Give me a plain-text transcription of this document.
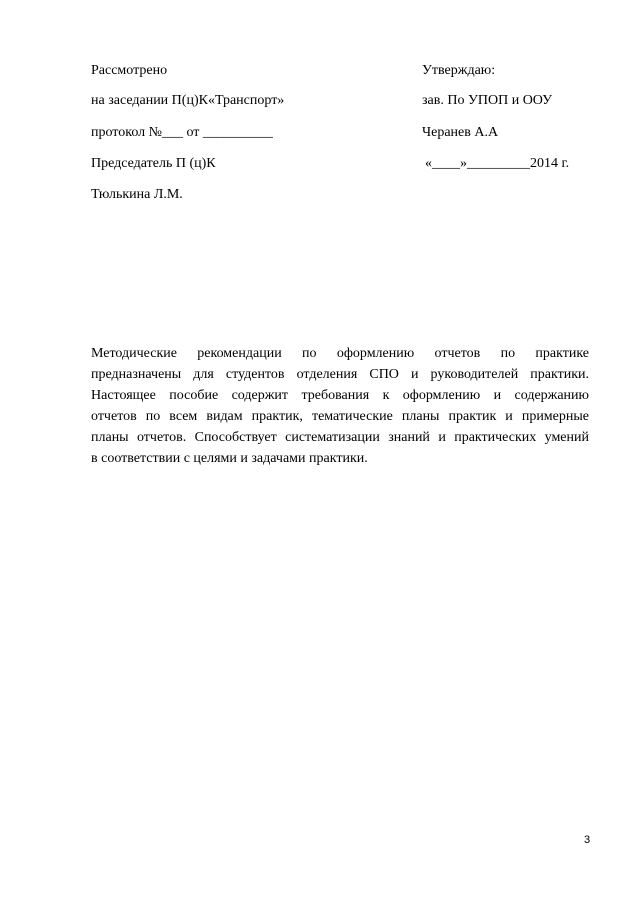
Рассмотрено	Утверждаю:
на заседании П(ц)К«Транспорт»	зав. По УПОП и ООУ
протокол №___ от __________	Черанев А.А
Председатель П (ц)К	«____»_________2014 г.
Тюлькина Л.М.
Методические рекомендации по оформлению отчетов по практике
предназначены для студентов отделения СПО и руководителей практики.
Настоящее пособие содержит требования к оформлению и содержанию
отчетов по всем видам практик, тематические планы практик и примерные
планы отчетов. Способствует систематизации знаний и практических умений
в соответствии с целями и задачами практики.
3
